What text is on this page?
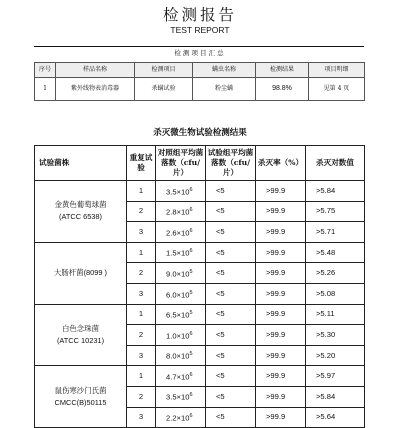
检测报告
TEST REPORT
检 测 项 目 汇 总
序号	样品名称	检测项目	螨虫名称	检测结果	项目明细
1	紫外线物表消毒器	杀螨试验	粉尘螨	98.8%	见第 4 页
杀灭微生物试验检测结果
试验菌株	重复试验	对照组平均菌落数（cfu/片）	试验组平均菌落数（cfu/片）	杀灭率（%）	杀灭对数值
金黄色葡萄球菌
(ATCC 6538)	1	$3.5\times 10^6$	<5	>99.9	>5.84
	2	$2.8\times 10^6$	<5	>99.9	>5.75
	3	$2.6\times 10^6$	<5	>99.9	>5.71
大肠杆菌(8099 )	1	$1.5\times 10^6$	<5	>99.9	>5.48
	2	$9.0\times 10^5$	<5	>99.9	>5.26
	3	$6.0\times 10^5$	<5	>99.9	>5.08
白色念珠菌
(ATCC 10231)	1	$6.5\times 10^5$	<5	>99.9	>5.11
	2	$1.0\times 10^6$	<5	>99.9	>5.30
	3	$8.0\times 10^5$	<5	>99.9	>5.20
鼠伤寒沙门氏菌
CMCC(B)50115	1	$4.7\times 10^6$	<5	>99.9	>5.97
	2	$3.5\times 10^6$	<5	>99.9	>5.84
	3	$2.2\times 10^6$	<5	>99.9	>5.64
